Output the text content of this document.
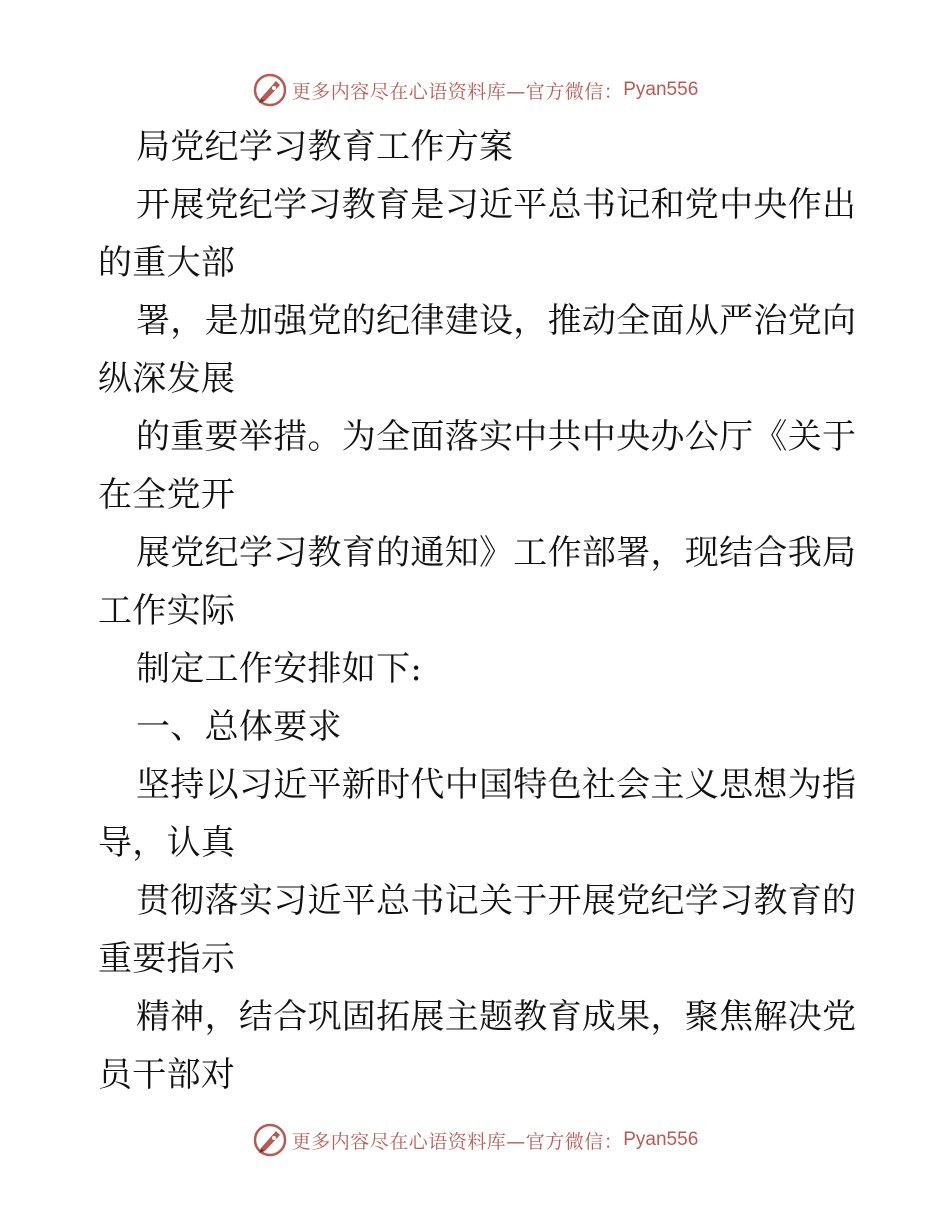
更多内容尽在心语资料库—官方微信： Pyan556
局党纪学习教育工作方案
开展党纪学习教育是习近平总书记和党中央作出
的重大部
署，是加强党的纪律建设，推动全面从严治党向
纵深发展
的重要举措。为全面落实中共中央办公厅《关于
在全党开
展党纪学习教育的通知》工作部署，现结合我局
工作实际
制定工作安排如下:
一、总体要求
坚持以习近平新时代中国特色社会主义思想为指
导，认真
贯彻落实习近平总书记关于开展党纪学习教育的
重要指示
精神，结合巩固拓展主题教育成果，聚焦解决党
员干部对
更多内容尽在心语资料库—官方微信： Pyan556
